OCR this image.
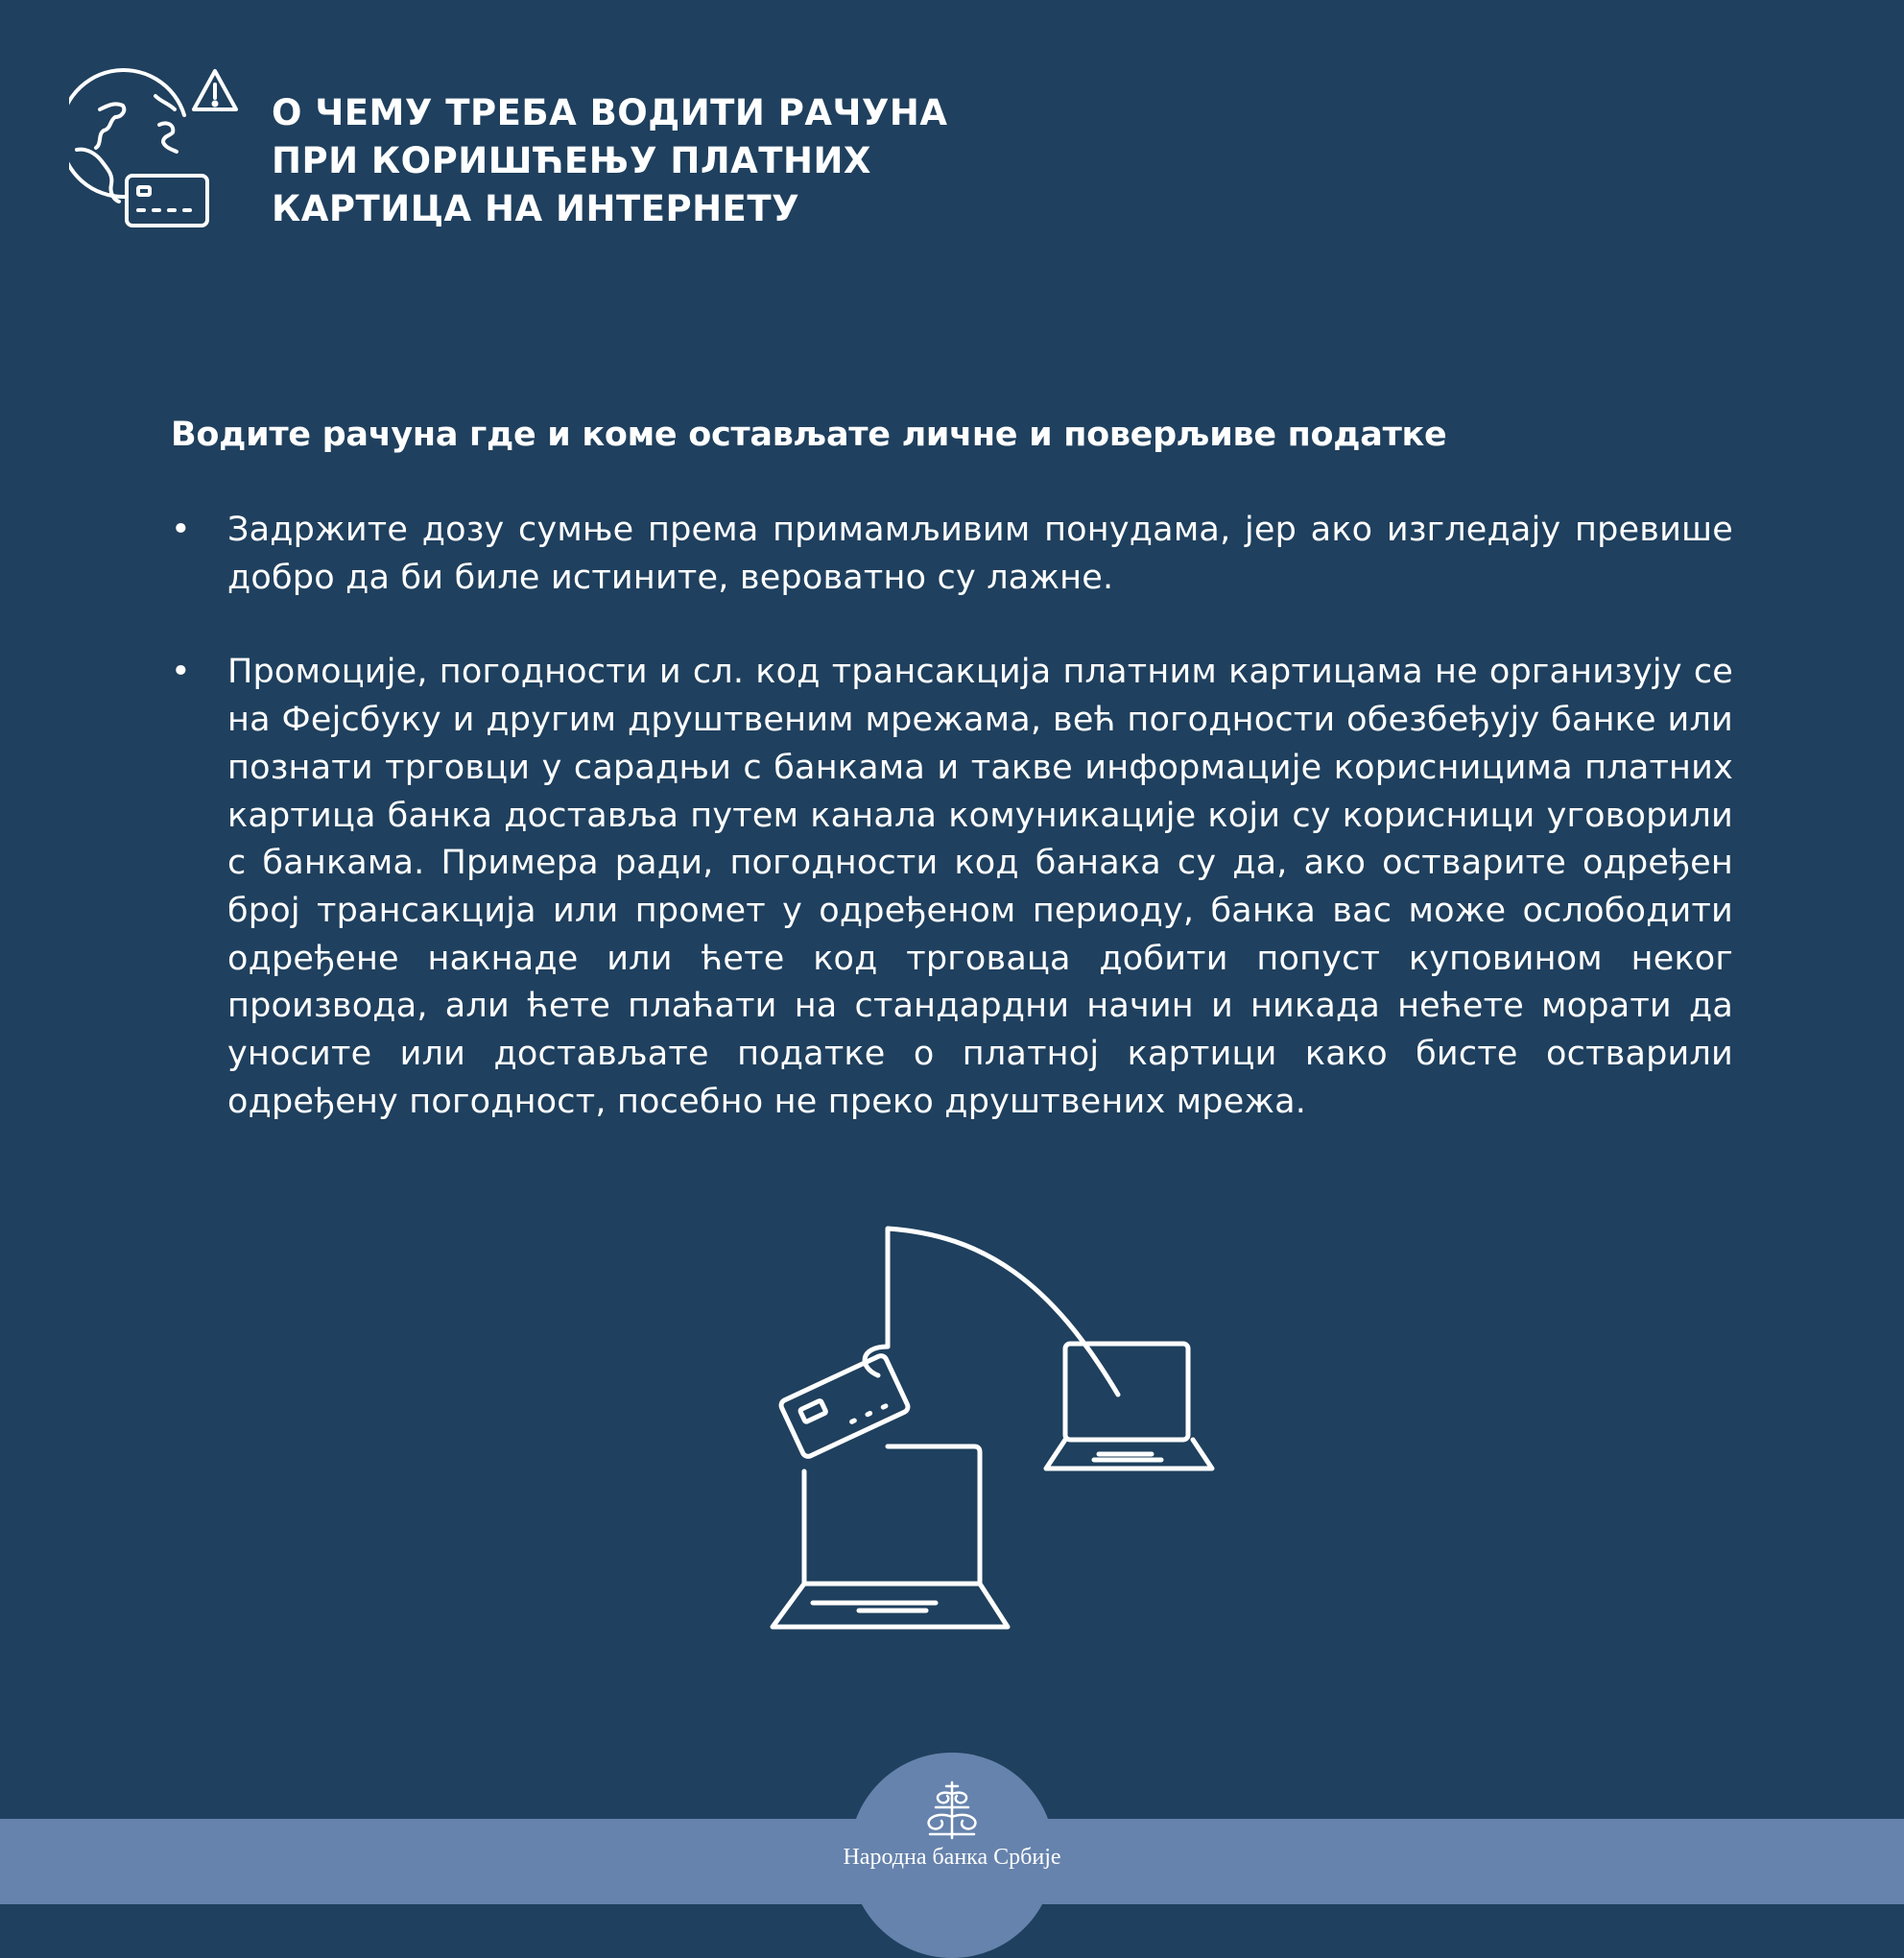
О ЧЕМУ ТРЕБА ВОДИТИ РАЧУНА
ПРИ КОРИШЋЕЊУ ПЛАТНИХ
КАРТИЦА НА ИНТЕРНЕТУ
Водите рачуна где и коме остављате личне и поверљиве податке
• Задржите дозу сумње према примамљивим понудама, јер ако изгледају превише добро да би биле истините, вероватно су лажне.
• Промоције, погодности и сл. код трансакција платним картицама не организују се на Фејсбуку и другим друштвеним мрежама, већ погодности обезбеђују банке или познати трговци у сарадњи с банкама и такве информације корисницима платних картица банка доставља путем канала комуникације који су корисници уговорили с банкама. Примера ради, погодности код банака су да, ако остварите одређен број трансакција или промет у одређеном периоду, банка вас може ослободити одређене накнаде или ћете код трговаца добити попуст куповином неког производа, али ћете плаћати на стандардни начин и никада нећете морати да уносите или достављате податке о платној картици како бисте остварили одређену погодност, посебно не преко друштвених мрежа.
Народна банка Србије
